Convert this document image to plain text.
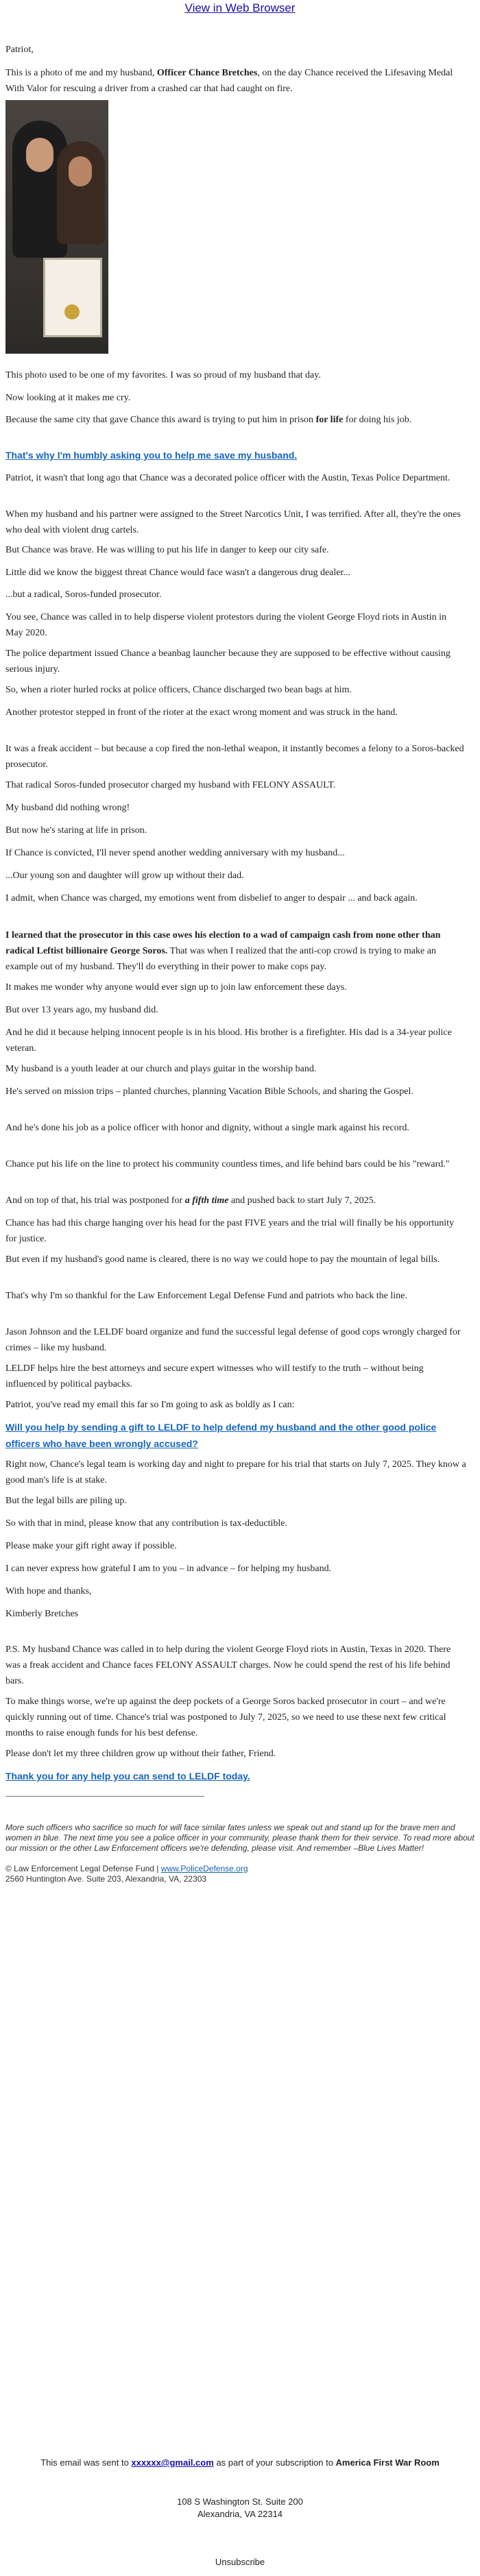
View in Web Browser

Patriot,

This is a photo of me and my husband, Officer Chance Bretches, on the day Chance received the Lifesaving Medal With Valor for rescuing a driver from a crashed car that had caught on fire.

This photo used to be one of my favorites. I was so proud of my husband that day.

Now looking at it makes me cry.

Because the same city that gave Chance this award is trying to put him in prison for life for doing his job.

That's why I'm humbly asking you to help me save my husband.

Patriot, it wasn't that long ago that Chance was a decorated police officer with the Austin, Texas Police Department.

When my husband and his partner were assigned to the Street Narcotics Unit, I was terrified. After all, they're the ones who deal with violent drug cartels.

But Chance was brave. He was willing to put his life in danger to keep our city safe.

Little did we know the biggest threat Chance would face wasn't a dangerous drug dealer...

...but a radical, Soros-funded prosecutor.

You see, Chance was called in to help disperse violent protestors during the violent George Floyd riots in Austin in May 2020.

The police department issued Chance a beanbag launcher because they are supposed to be effective without causing serious injury.

So, when a rioter hurled rocks at police officers, Chance discharged two bean bags at him.

Another protestor stepped in front of the rioter at the exact wrong moment and was struck in the hand.

It was a freak accident – but because a cop fired the non-lethal weapon, it instantly becomes a felony to a Soros-backed prosecutor.

That radical Soros-funded prosecutor charged my husband with FELONY ASSAULT.

My husband did nothing wrong!

But now he's staring at life in prison.

If Chance is convicted, I'll never spend another wedding anniversary with my husband...

...Our young son and daughter will grow up without their dad.

I admit, when Chance was charged, my emotions went from disbelief to anger to despair ... and back again.

I learned that the prosecutor in this case owes his election to a wad of campaign cash from none other than radical Leftist billionaire George Soros. That was when I realized that the anti-cop crowd is trying to make an example out of my husband. They'll do everything in their power to make cops pay.

It makes me wonder why anyone would ever sign up to join law enforcement these days.

But over 13 years ago, my husband did.

And he did it because helping innocent people is in his blood. His brother is a firefighter. His dad is a 34-year police veteran.

My husband is a youth leader at our church and plays guitar in the worship band.

He's served on mission trips – planted churches, planning Vacation Bible Schools, and sharing the Gospel.

And he's done his job as a police officer with honor and dignity, without a single mark against his record.

Chance put his life on the line to protect his community countless times, and life behind bars could be his "reward."

And on top of that, his trial was postponed for a fifth time and pushed back to start July 7, 2025.

Chance has had this charge hanging over his head for the past FIVE years and the trial will finally be his opportunity for justice.

But even if my husband's good name is cleared, there is no way we could hope to pay the mountain of legal bills.

That's why I'm so thankful for the Law Enforcement Legal Defense Fund and patriots who back the line.

Jason Johnson and the LELDF board organize and fund the successful legal defense of good cops wrongly charged for crimes – like my husband.

LELDF helps hire the best attorneys and secure expert witnesses who will testify to the truth – without being influenced by political paybacks.

Patriot, you've read my email this far so I'm going to ask as boldly as I can:

Will you help by sending a gift to LELDF to help defend my husband and the other good police officers who have been wrongly accused?

Right now, Chance's legal team is working day and night to prepare for his trial that starts on July 7, 2025. They know a good man's life is at stake.

But the legal bills are piling up.

So with that in mind, please know that any contribution is tax-deductible.

Please make your gift right away if possible.

I can never express how grateful I am to you – in advance – for helping my husband.

With hope and thanks,

Kimberly Bretches

P.S. My husband Chance was called in to help during the violent George Floyd riots in Austin, Texas in 2020. There was a freak accident and Chance faces FELONY ASSAULT charges. Now he could spend the rest of his life behind bars.

To make things worse, we're up against the deep pockets of a George Soros backed prosecutor in court – and we're quickly running out of time. Chance's trial was postponed to July 7, 2025, so we need to use these next few critical months to raise enough funds for his best defense.

Please don't let my three children grow up without their father, Friend.

Thank you for any help you can send to LELDF today.

More such officers who sacrifice so much for will face similar fates unless we speak out and stand up for the brave men and women in blue. The next time you see a police officer in your community, please thank them for their service. To read more about our mission or the other Law Enforcement officers we're defending, please visit. And remember –Blue Lives Matter!
© Law Enforcement Legal Defense Fund | www.PoliceDefense.org
2560 Huntington Ave. Suite 203, Alexandria, VA, 22303
This email was sent to xxxxxx@gmail.com as part of your subscription to America First War Room
108 S Washington St. Suite 200
Alexandria, VA 22314
Unsubscribe
